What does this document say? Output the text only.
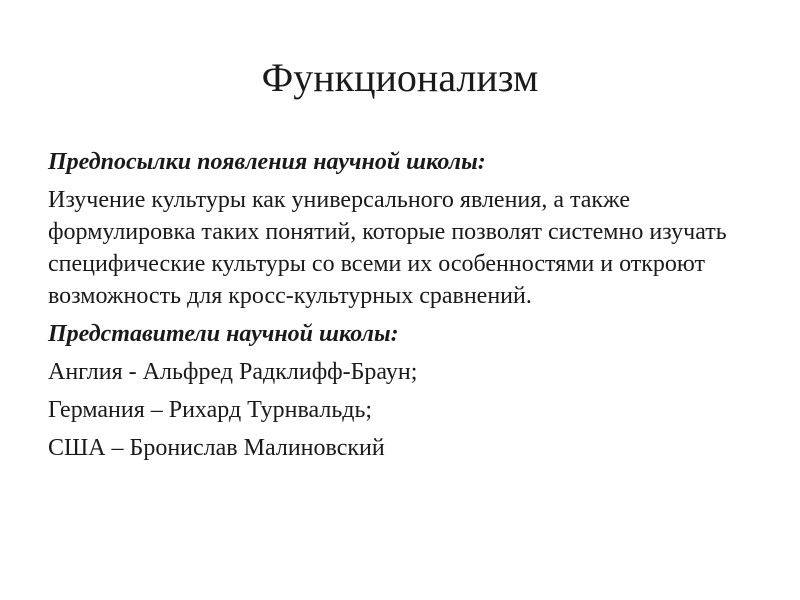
Функционализм

Предпосылки появления научной школы:

Изучение культуры как универсального явления, а также формулировка таких понятий, которые позволят системно изучать специфические культуры со всеми их особенностями и откроют возможность для кросс-культурных сравнений.

Представители научной школы:

Англия - Альфред Радклифф-Браун;

Германия – Рихард Турнвальдь;

США – Бронислав Малиновский
